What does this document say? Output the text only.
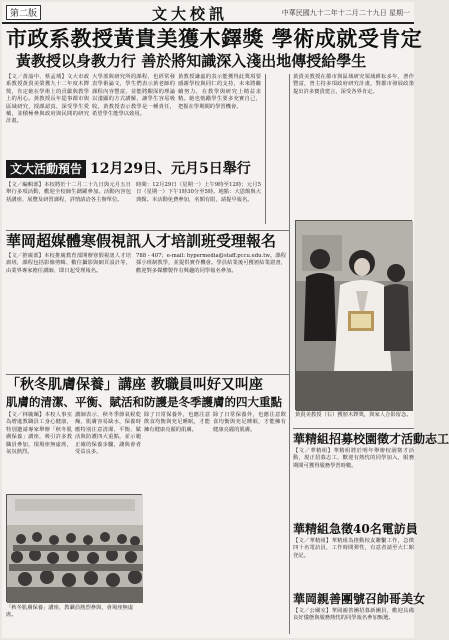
第二版	文大校訊	中華民國九十二年十二月二十九日 星期一
市政系教授黃貴美獲木鐸獎 學術成就受肯定
黃教授以身教力行 善於將知識深入淺出地傳授給學生
【文／黃詣中、蔡孟瑀】文大市政系教授黃貴美榮獲九十二年度木鐸獎，肯定她在學術上的貢獻與教學上的用心。黃教授長年從事都市與區域研究，授課認真，深受學生愛戴，並積極參與政府與民間的研究計畫。
大學部與研究所的課程，也經常發表學術論文，學生們表示黃老師的課程內容豐富，並能將艱深的理論以淺顯的方式講解，讓學生容易吸收。黃教授表示教學是一種責任，希望學生能學以致用。
黃教授謙虛的表示能獲得此獎項要感謝學校與同仁的支持，未來將繼續努力，在教學與研究上精益求精。她也勉勵學生要多充實自己，把握在學期間的學習機會。
文大活動預告 12月29日、元月5日舉行
【文／編輯部】本校將於十二月二十九日與元月五日舉行多項活動，歡迎全校師生踴躍參加。活動內容包括講座、展覽及研習課程，詳情請洽各主辦單位。
時間：12月29日（星期一）上午9時至12時；元月5日（星期一）下午1時30分至5時。地點：大恩館與大典館。本活動免費參加，名額有限，請提早報名。
華岡超媒體寒假視訊人才培訓班受理報名
【文／推廣部】本校推廣教育部開辦寒假視訊人才培訓班，課程包括影像剪輯、數位攝影與網頁設計等，由業界專家擔任講師，即日起受理報名。
788 - 407；e-mail: hypermedia@staff.pccu.edu.tw。課程採小班制教學，並提供實作機會。學員結業後可獲頒結業證書，歡迎對多媒體製作有興趣的同學報名參加。
「秋冬肌膚保養」講座 教職員叫好又叫座
肌膚的清潔、平衡、賦活和防護是冬季護膚的四大重點
【文／林毓珮】本校人事室為增進教職員工身心健康，特別邀請專家舉辦「秋冬肌膚保養」講座，吸引許多教職員參加，現場座無虛席，氣氛熱烈。
講師表示，秋冬季節氣候乾燥，肌膚容易缺水，保養時應特別注意清潔、平衡、賦活與防護四大重點，並示範正確的保養步驟，讓與會者受益良多。
除了日常保養外，也應注意飲食均衡與充足睡眠，才能擁有健康亮麗的肌膚。
除了日常保養外，也應注意飲食均衡與充足睡眠，才能擁有健康亮麗的肌膚。
「秋冬肌膚保養」講座，教職員熱烈參與，會場座無虛席。
黃貴美教授在都市與區域研究領域耕耘多年，著作豐富，曾主持多項政府研究計畫，對都市發展政策提出許多寶貴建言，深受各界肯定。
黃貴美教授（右）獲頒木鐸獎，與家人合影留念。
華精組招募校園徵才活動志工
【文／華精組】華精組將於明年舉辦校園徵才活動，現正招募志工，歡迎有熱忱的同學加入，服務期間可獲得服務學習時數。
華精組急徵40名電訪員
【文／華精組】華精組為推動校友聯繫工作，急徵四十名電訪員，工作時間彈性，有意者請至大仁館登記。
華岡親善團號召帥哥美女
【文／公關室】華岡親善團招募新團員，歡迎具備良好儀態與服務熱忱的同學報名參加甄選。
